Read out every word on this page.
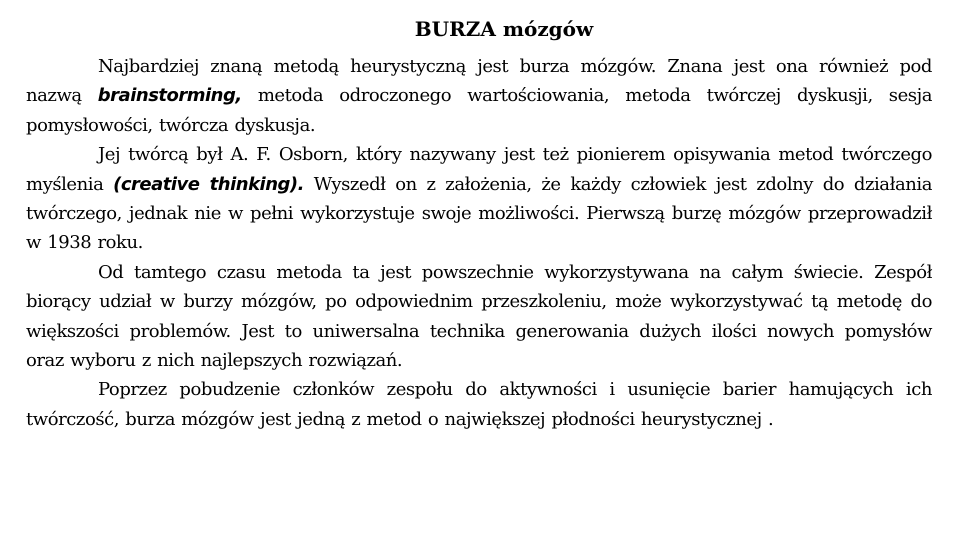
BURZA mózgów

Najbardziej znaną metodą heurystyczną jest burza mózgów. Znana jest ona również pod nazwą brainstorming, metoda odroczonego wartościowania, metoda twórczej dyskusji, sesja pomysłowości, twórcza dyskusja.

Jej twórcą był A. F. Osborn, który nazywany jest też pionierem opisywania metod twórczego myślenia (creative thinking). Wyszedł on z założenia, że każdy człowiek jest zdolny do działania twórczego, jednak nie w pełni wykorzystuje swoje możliwości. Pierwszą burzę mózgów przeprowadził w 1938 roku.

Od tamtego czasu metoda ta jest powszechnie wykorzystywana na całym świecie. Zespół biorący udział w burzy mózgów, po odpowiednim przeszkoleniu, może wykorzystywać tą metodę do większości problemów. Jest to uniwersalna technika generowania dużych ilości nowych pomysłów oraz wyboru z nich najlepszych rozwiązań.

Poprzez pobudzenie członków zespołu do aktywności i usunięcie barier hamujących ich twórczość, burza mózgów jest jedną z metod o największej płodności heurystycznej .
